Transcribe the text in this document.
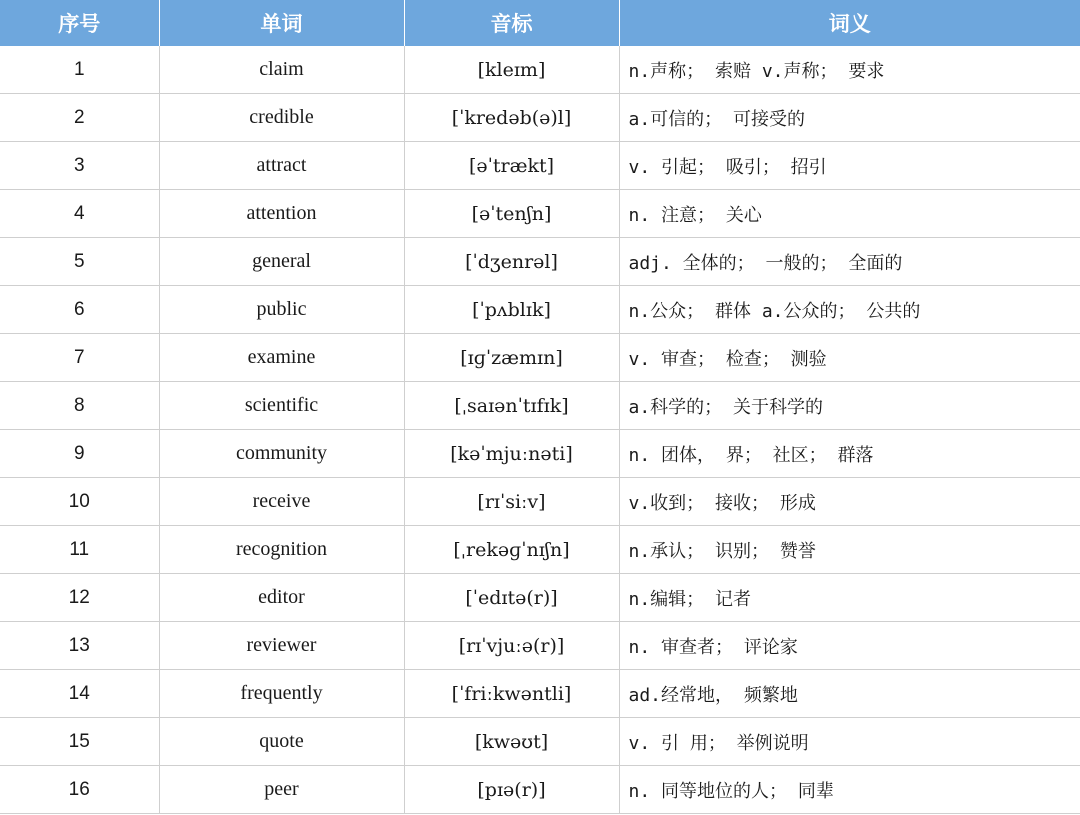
序号	单词	音标	词义
1	claim	[kleɪm]	n.声称； 索赔 v.声称； 要求
2	credible	[ˈkredəb(ə)l]	a.可信的； 可接受的
3	attract	[əˈtrækt]	v. 引起； 吸引； 招引
4	attention	[əˈtenʃn]	n. 注意； 关心
5	general	[ˈdʒenrəl]	adj. 全体的； 一般的； 全面的
6	public	[ˈpʌblɪk]	n.公众； 群体 a.公众的； 公共的
7	examine	[ɪɡˈzæmɪn]	v. 审查； 检查； 测验
8	scientific	[ˌsaɪənˈtɪfɪk]	a.科学的； 关于科学的
9	community	[kəˈmjuːnəti]	n. 团体， 界； 社区； 群落
10	receive	[rɪˈsiːv]	v.收到； 接收； 形成
11	recognition	[ˌrekəɡˈnɪʃn]	n.承认； 识别； 赞誉
12	editor	[ˈedɪtə(r)]	n.编辑； 记者
13	reviewer	[rɪˈvjuːə(r)]	n. 审查者； 评论家
14	frequently	[ˈfriːkwəntli]	ad.经常地， 频繁地
15	quote	[kwəʊt]	v. 引 用； 举例说明
16	peer	[pɪə(r)]	n. 同等地位的人； 同辈
